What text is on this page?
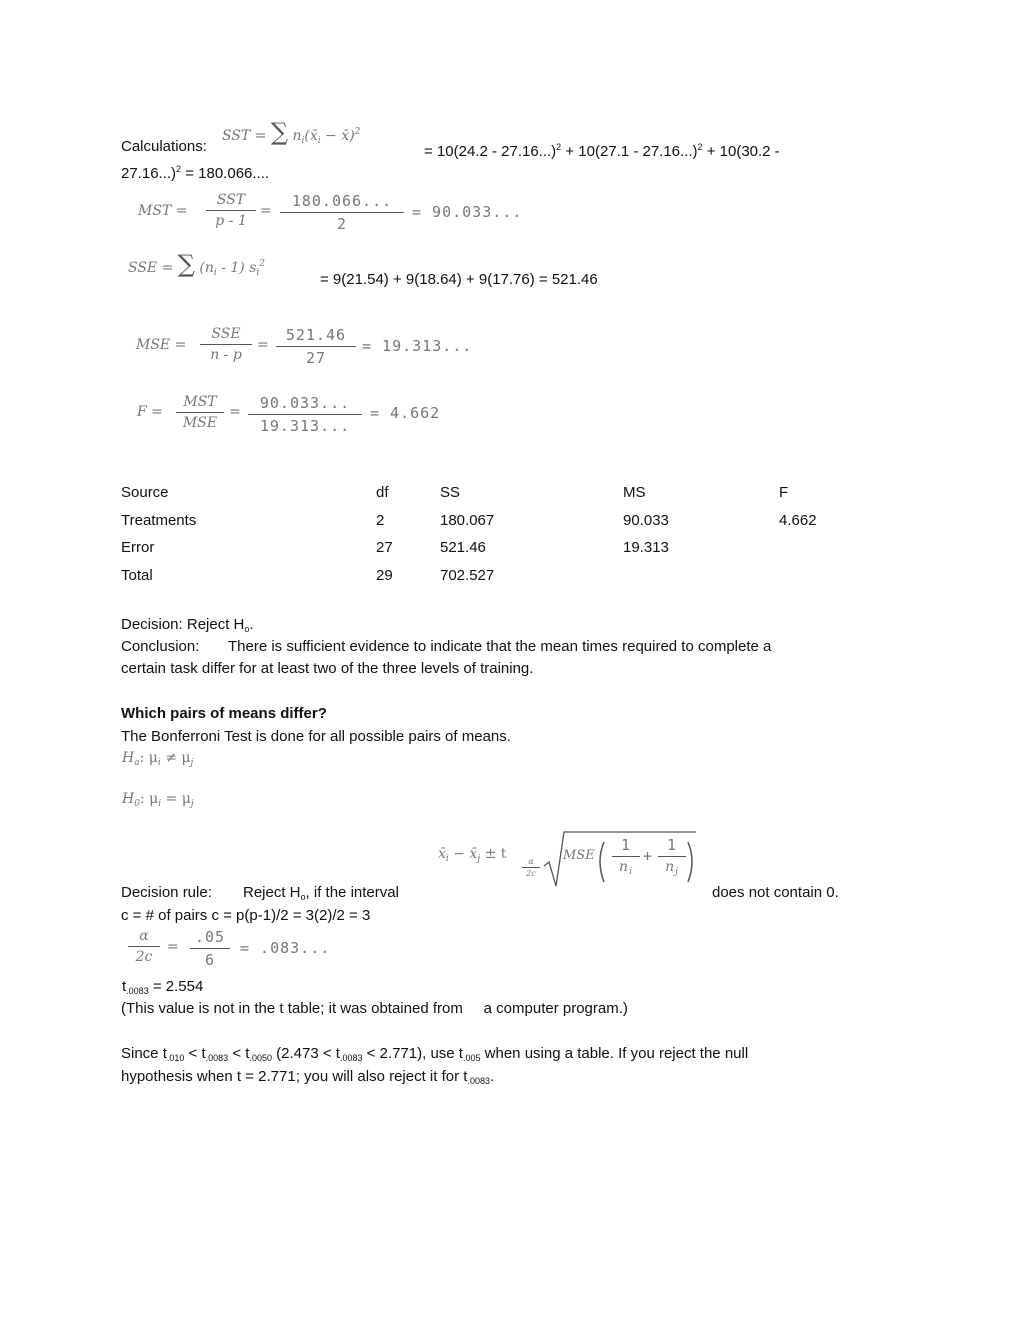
Calculations:
SST = ∑ $n_i(x̄_i$ − x̄)$^2$
= 10(24.2 - 27.16...)$^2$ + 10(27.1 - 27.16...)$^2$ + 10(30.2 -
27.16...)$^2$ = 180.066....
MST =
SST
p - 1
=
180.066...
2
= 90.033...
SSE = ∑ $(n_i - 1)$ $s_i^2$
= 9(21.54) + 9(18.64) + 9(17.76) = 521.46
MSE =
SSE
n - p
=
521.46
27
= 19.313...
F =
MST
MSE
=	90.033...
19.313...
= 4.662
Source	df	SS	MS	F
Treatments	2	180.067	90.033	4.662
Error	27	521.46	19.313
Total	29	702.527
Decision: Reject $H_o$.
Conclusion: There is sufficient evidence to indicate that the mean times required to complete a
certain task differ for at least two of the three levels of training.
Which pairs of means differ?
The Bonferroni Test is done for all possible pairs of means.
$H_a$: $\mu_i \ne \mu_j$
$H_0$: $\mu_i = \mu_j$
$x̄_i$ − $x̄_j \pm t$	α
2c
MSE
1
$n_i$
+
1
$n_j$
Decision rule: Reject $H_o$, if the interval	does not contain 0.
c = # of pairs c = p(p-1)/2 = 3(2)/2 = 3
α
2c
=
.05
6
= .083...
$t_{.0083} = 2.554$
(This value is not in the t table; it was obtained from     a computer program.)
Since $t_{.010} < t_{.0083} < t_{.0050}$ $(2.473 < t_{.0083} < 2.771)$, use $t_{.005}$ when using a table. If you reject the null
hypothesis when t = 2.771; you will also reject it for $t_{.0083}$.
